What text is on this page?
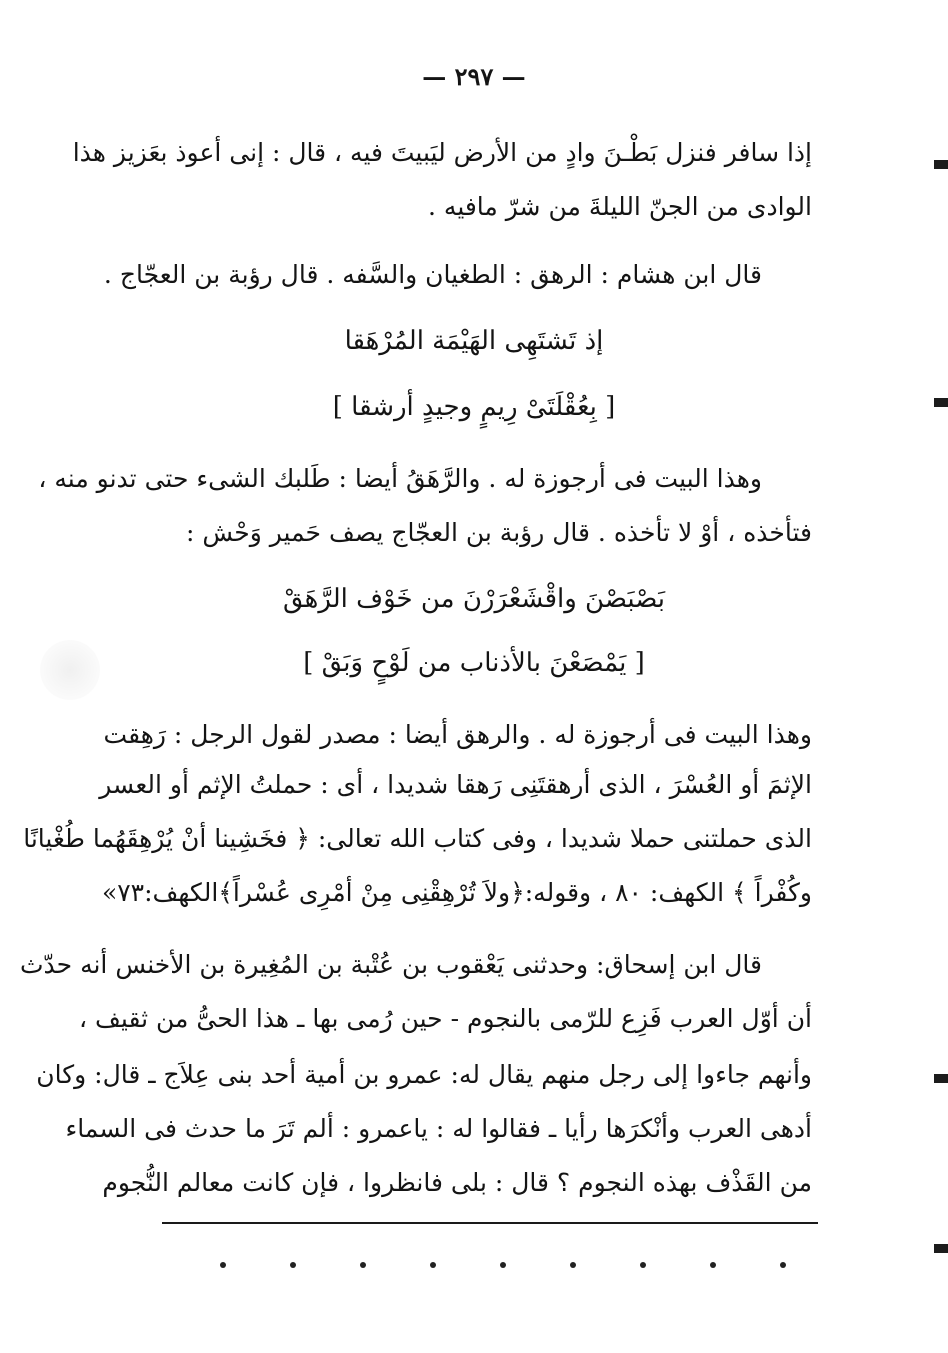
— ٢٩٧ —
إذا سافر فنزل بَطْـنَ وادٍ من الأرض ليَبيتَ فيه ، قال : إنى أعوذ بعَزيز هذا
الوادى من الجنّ الليلةَ من شرّ مافيه .
قال ابن هشام : الرهق : الطغيان والسَّفه . قال رؤبة بن العجّاج .
إذ تَشتَهِى الهَيْمَة المُرْهَقا
[ بِعُقْلَتَىْ رِيمٍ وجيدٍ أرشقا ]
وهذا البيت فى أرجوزة له . والرَّهَقُ أيضا : طَلبك الشىء حتى تدنو منه ،
فتأخذه ، أوْ لا تأخذه . قال رؤبة بن العجّاج يصف حَمير وَحْش :
بَصْبَصْنَ واقْشَعْرَرْنَ من خَوْف الرَّهَقْ
[ يَمْصَعْنَ بالأذناب من لَوْحٍ وَبَقْ ]
وهذا البيت فى أرجوزة له . والرهق أيضا : مصدر لقول الرجل : رَهِقت
الإثمَ أو العُسْرَ ، الذى أرهقتَنِى رَهقا شديدا ، أى : حملتُ الإثم أو العسر
الذى حملتنى حملا شديدا ، وفى كتاب الله تعالى: ﴿ فخَشِينا أنْ يُرْهِقَهُما طُغْيانًا
وكُفْراً ﴾ الكهف: ٨٠ ، وقوله:﴿ولاَ تُرْهِقْنِى مِنْ أمْرِى عُسْراً﴾الكهف:٧٣»
قال ابن إسحاق: وحدثنى يَعْقوب بن عُتْبة بن المُغِيرة بن الأخنس أنه حدّث
أن أوّل العرب فَزِع للرّمى بالنجوم - حين رُمى بها ـ هذا الحىُّ من ثقيف ،
وأنهم جاءوا إلى رجل منهم يقال له: عمرو بن أمية أحد بنى عِلاَج ـ قال: وكان
أدهى العرب وأنْكرَها رأيا ـ فقالوا له : ياعمرو : ألم تَرَ ما حدث فى السماء
من القَذْف بهذه النجوم ؟ قال : بلى فانظروا ، فإن كانت معالم النُّجوم
